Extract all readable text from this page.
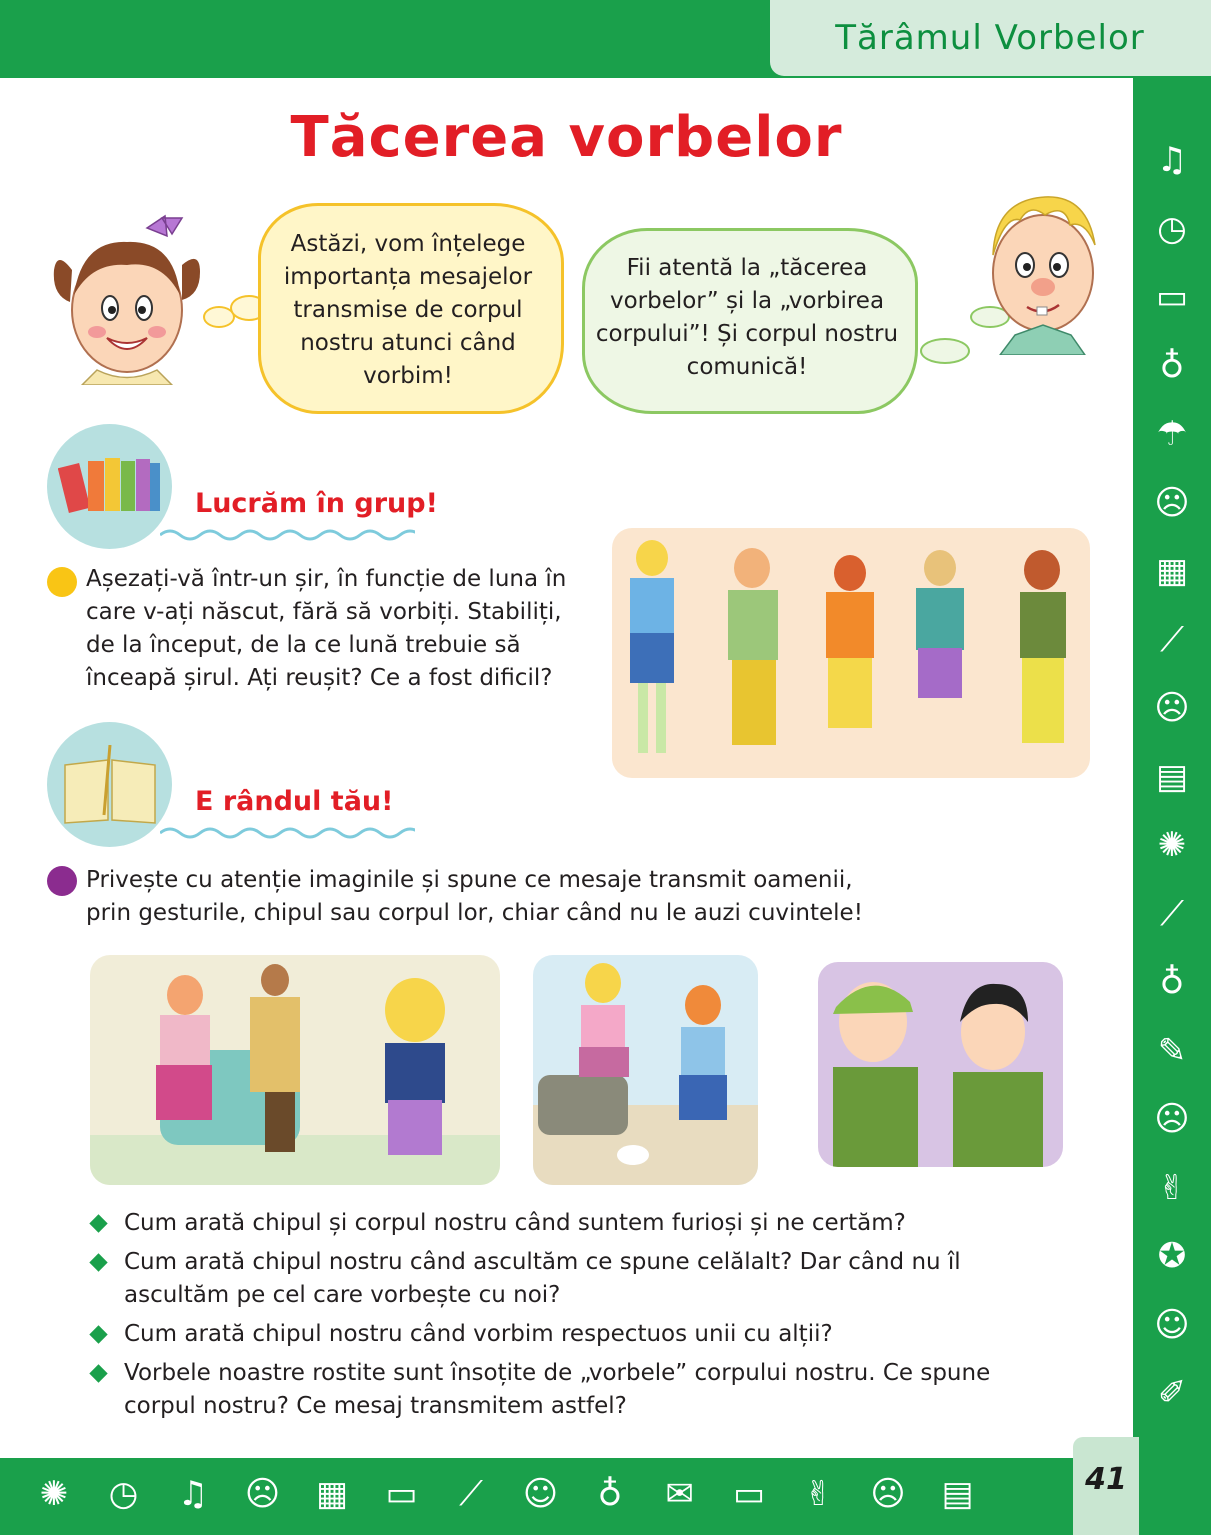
Tărâmul Vorbelor
♫
◷
▭
♁
☂
☹
▦
⟋
☹
▤
✺
⟋
♁
✎
☹
✌
✪
☺
✐
✺	◷	♫	☹ ▦ ▭	⟋	☺	♁	✉	▭	✌	☹ ▤	41
Tăcerea vorbelor
Astăzi, vom înțelege importanța mesajelor transmise de corpul nostru atunci când vorbim!
Fii atentă la „tăcerea vorbelor” și la „vorbirea corpului”! Și corpul nostru comunică!
Lucrăm în grup!
Așezați-vă într-un șir, în funcție de luna în care v-ați născut, fără să vorbiți. Stabiliți, de la început, de la ce lună trebuie să înceapă șirul. Ați reușit? Ce a fost dificil?
E rândul tău!
Privește cu atenție imaginile și spune ce mesaje transmit oamenii, prin gesturile, chipul sau corpul lor, chiar când nu le auzi cuvintele!
Cum arată chipul și corpul nostru când suntem furioși și ne certăm?
Cum arată chipul nostru când ascultăm ce spune celălalt? Dar când nu îl ascultăm pe cel care vorbește cu noi?
Cum arată chipul nostru când vorbim respectuos unii cu alții?
Vorbele noastre rostite sunt însoțite de „vorbele” corpului nostru. Ce spune corpul nostru? Ce mesaj transmitem astfel?
